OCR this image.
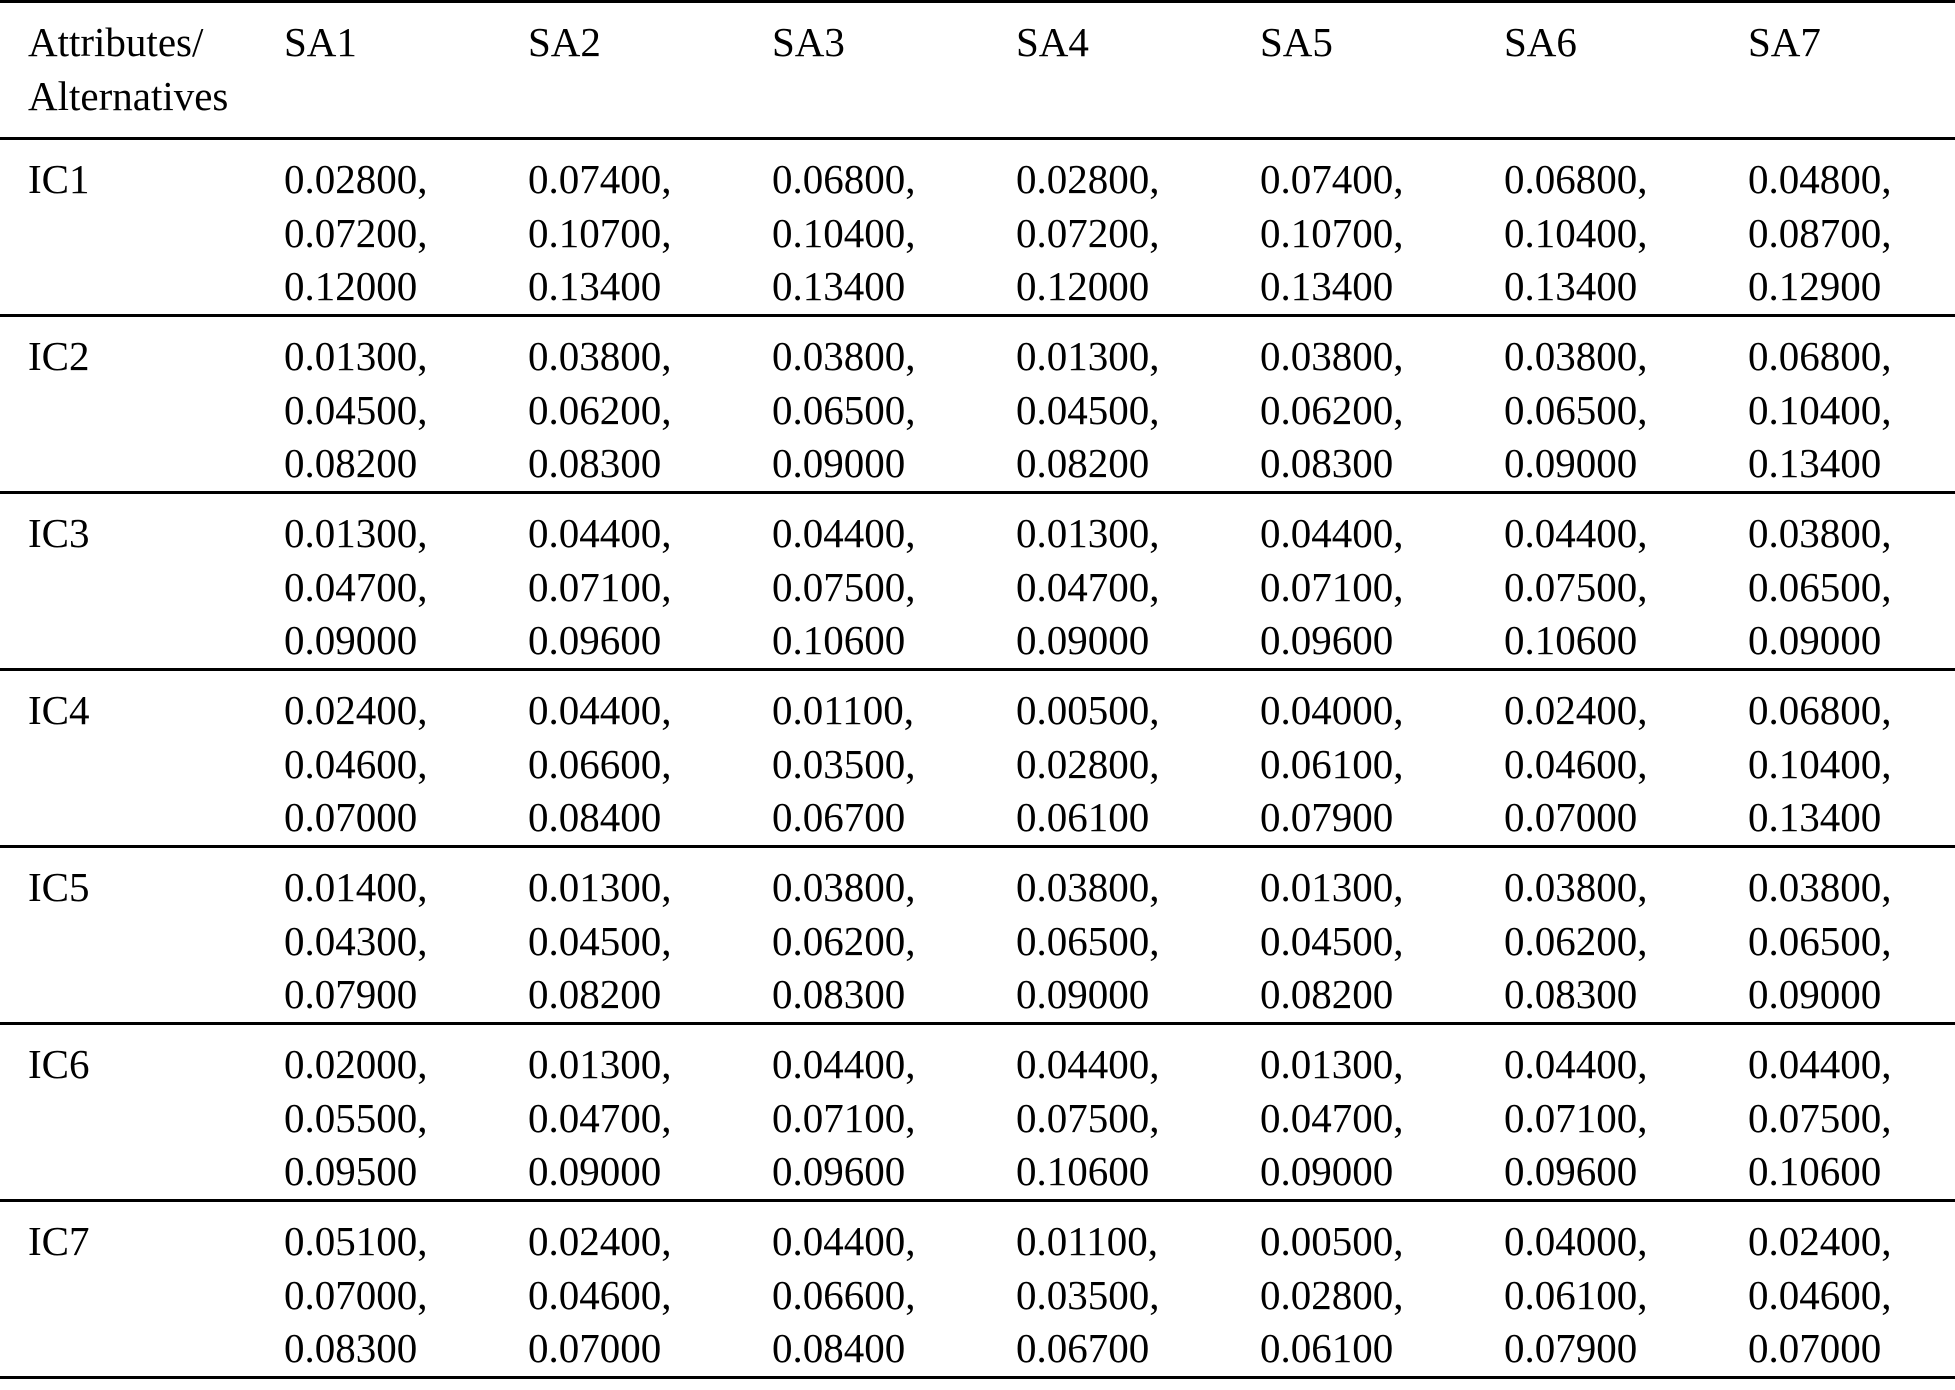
Attributes/
Alternatives	SA1	SA2	SA3	SA4	SA5	SA6	SA7
IC1	0.02800,
0.07200,
0.12000	0.07400,
0.10700,
0.13400	0.06800,
0.10400,
0.13400	0.02800,
0.07200,
0.12000	0.07400,
0.10700,
0.13400	0.06800,
0.10400,
0.13400	0.04800,
0.08700,
0.12900

IC2	0.01300,
0.04500,
0.08200	0.03800,
0.06200,
0.08300	0.03800,
0.06500,
0.09000	0.01300,
0.04500,
0.08200	0.03800,
0.06200,
0.08300	0.03800,
0.06500,
0.09000	0.06800,
0.10400,
0.13400

IC3	0.01300,
0.04700,
0.09000	0.04400,
0.07100,
0.09600	0.04400,
0.07500,
0.10600	0.01300,
0.04700,
0.09000	0.04400,
0.07100,
0.09600	0.04400,
0.07500,
0.10600	0.03800,
0.06500,
0.09000

IC4	0.02400,
0.04600,
0.07000	0.04400,
0.06600,
0.08400	0.01100,
0.03500,
0.06700	0.00500,
0.02800,
0.06100	0.04000,
0.06100,
0.07900	0.02400,
0.04600,
0.07000	0.06800,
0.10400,
0.13400

IC5	0.01400,
0.04300,
0.07900	0.01300,
0.04500,
0.08200	0.03800,
0.06200,
0.08300	0.03800,
0.06500,
0.09000	0.01300,
0.04500,
0.08200	0.03800,
0.06200,
0.08300	0.03800,
0.06500,
0.09000

IC6	0.02000,
0.05500,
0.09500	0.01300,
0.04700,
0.09000	0.04400,
0.07100,
0.09600	0.04400,
0.07500,
0.10600	0.01300,
0.04700,
0.09000	0.04400,
0.07100,
0.09600	0.04400,
0.07500,
0.10600

IC7	0.05100,
0.07000,
0.08300	0.02400,
0.04600,
0.07000	0.04400,
0.06600,
0.08400	0.01100,
0.03500,
0.06700	0.00500,
0.02800,
0.06100	0.04000,
0.06100,
0.07900	0.02400,
0.04600,
0.07000
